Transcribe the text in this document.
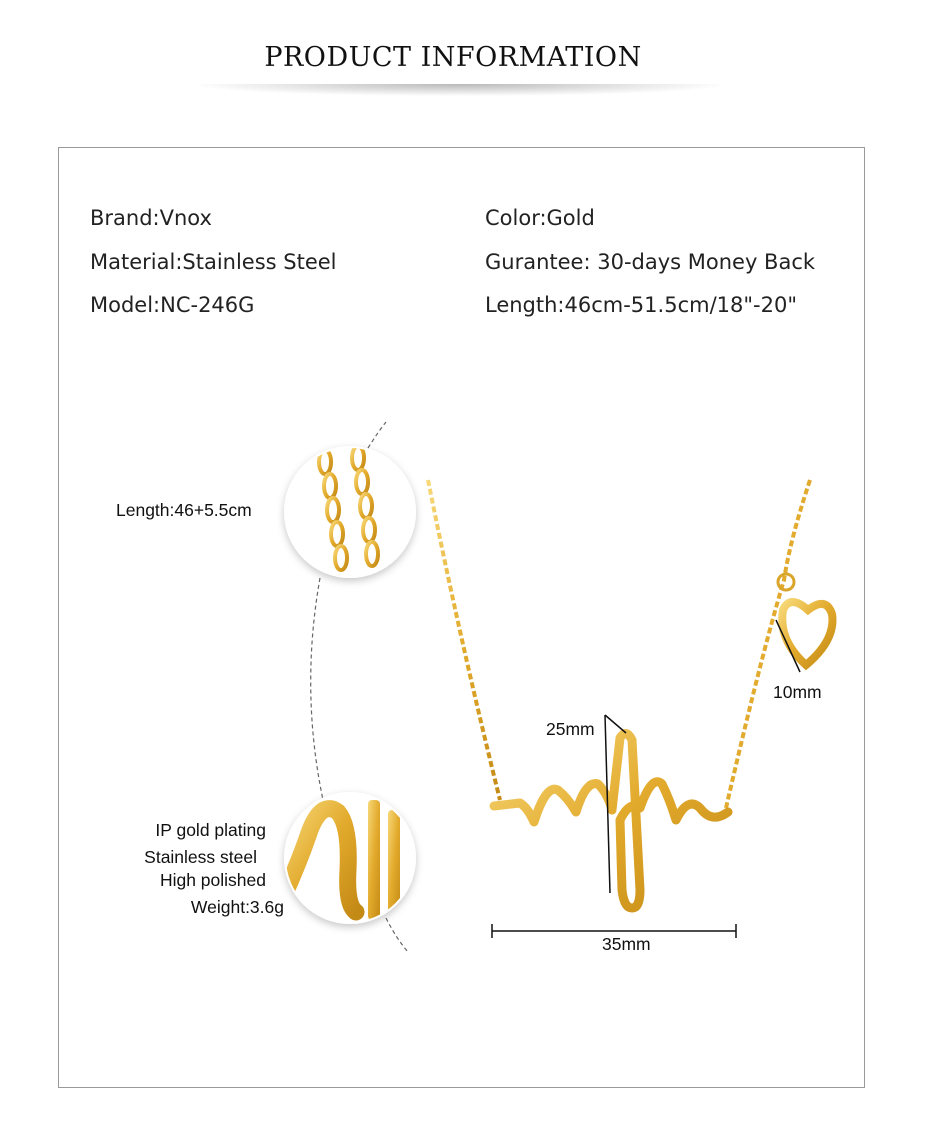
PRODUCT INFORMATION
Brand:Vnox
Material:Stainless Steel
Model:NC-246G
Color:Gold
Gurantee: 30-days Money Back
Length:46cm-51.5cm/18"-20"
Length:46+5.5cm
IP gold plating
Stainless steel
High polished
Weight:3.6g
25mm
35mm
10mm
